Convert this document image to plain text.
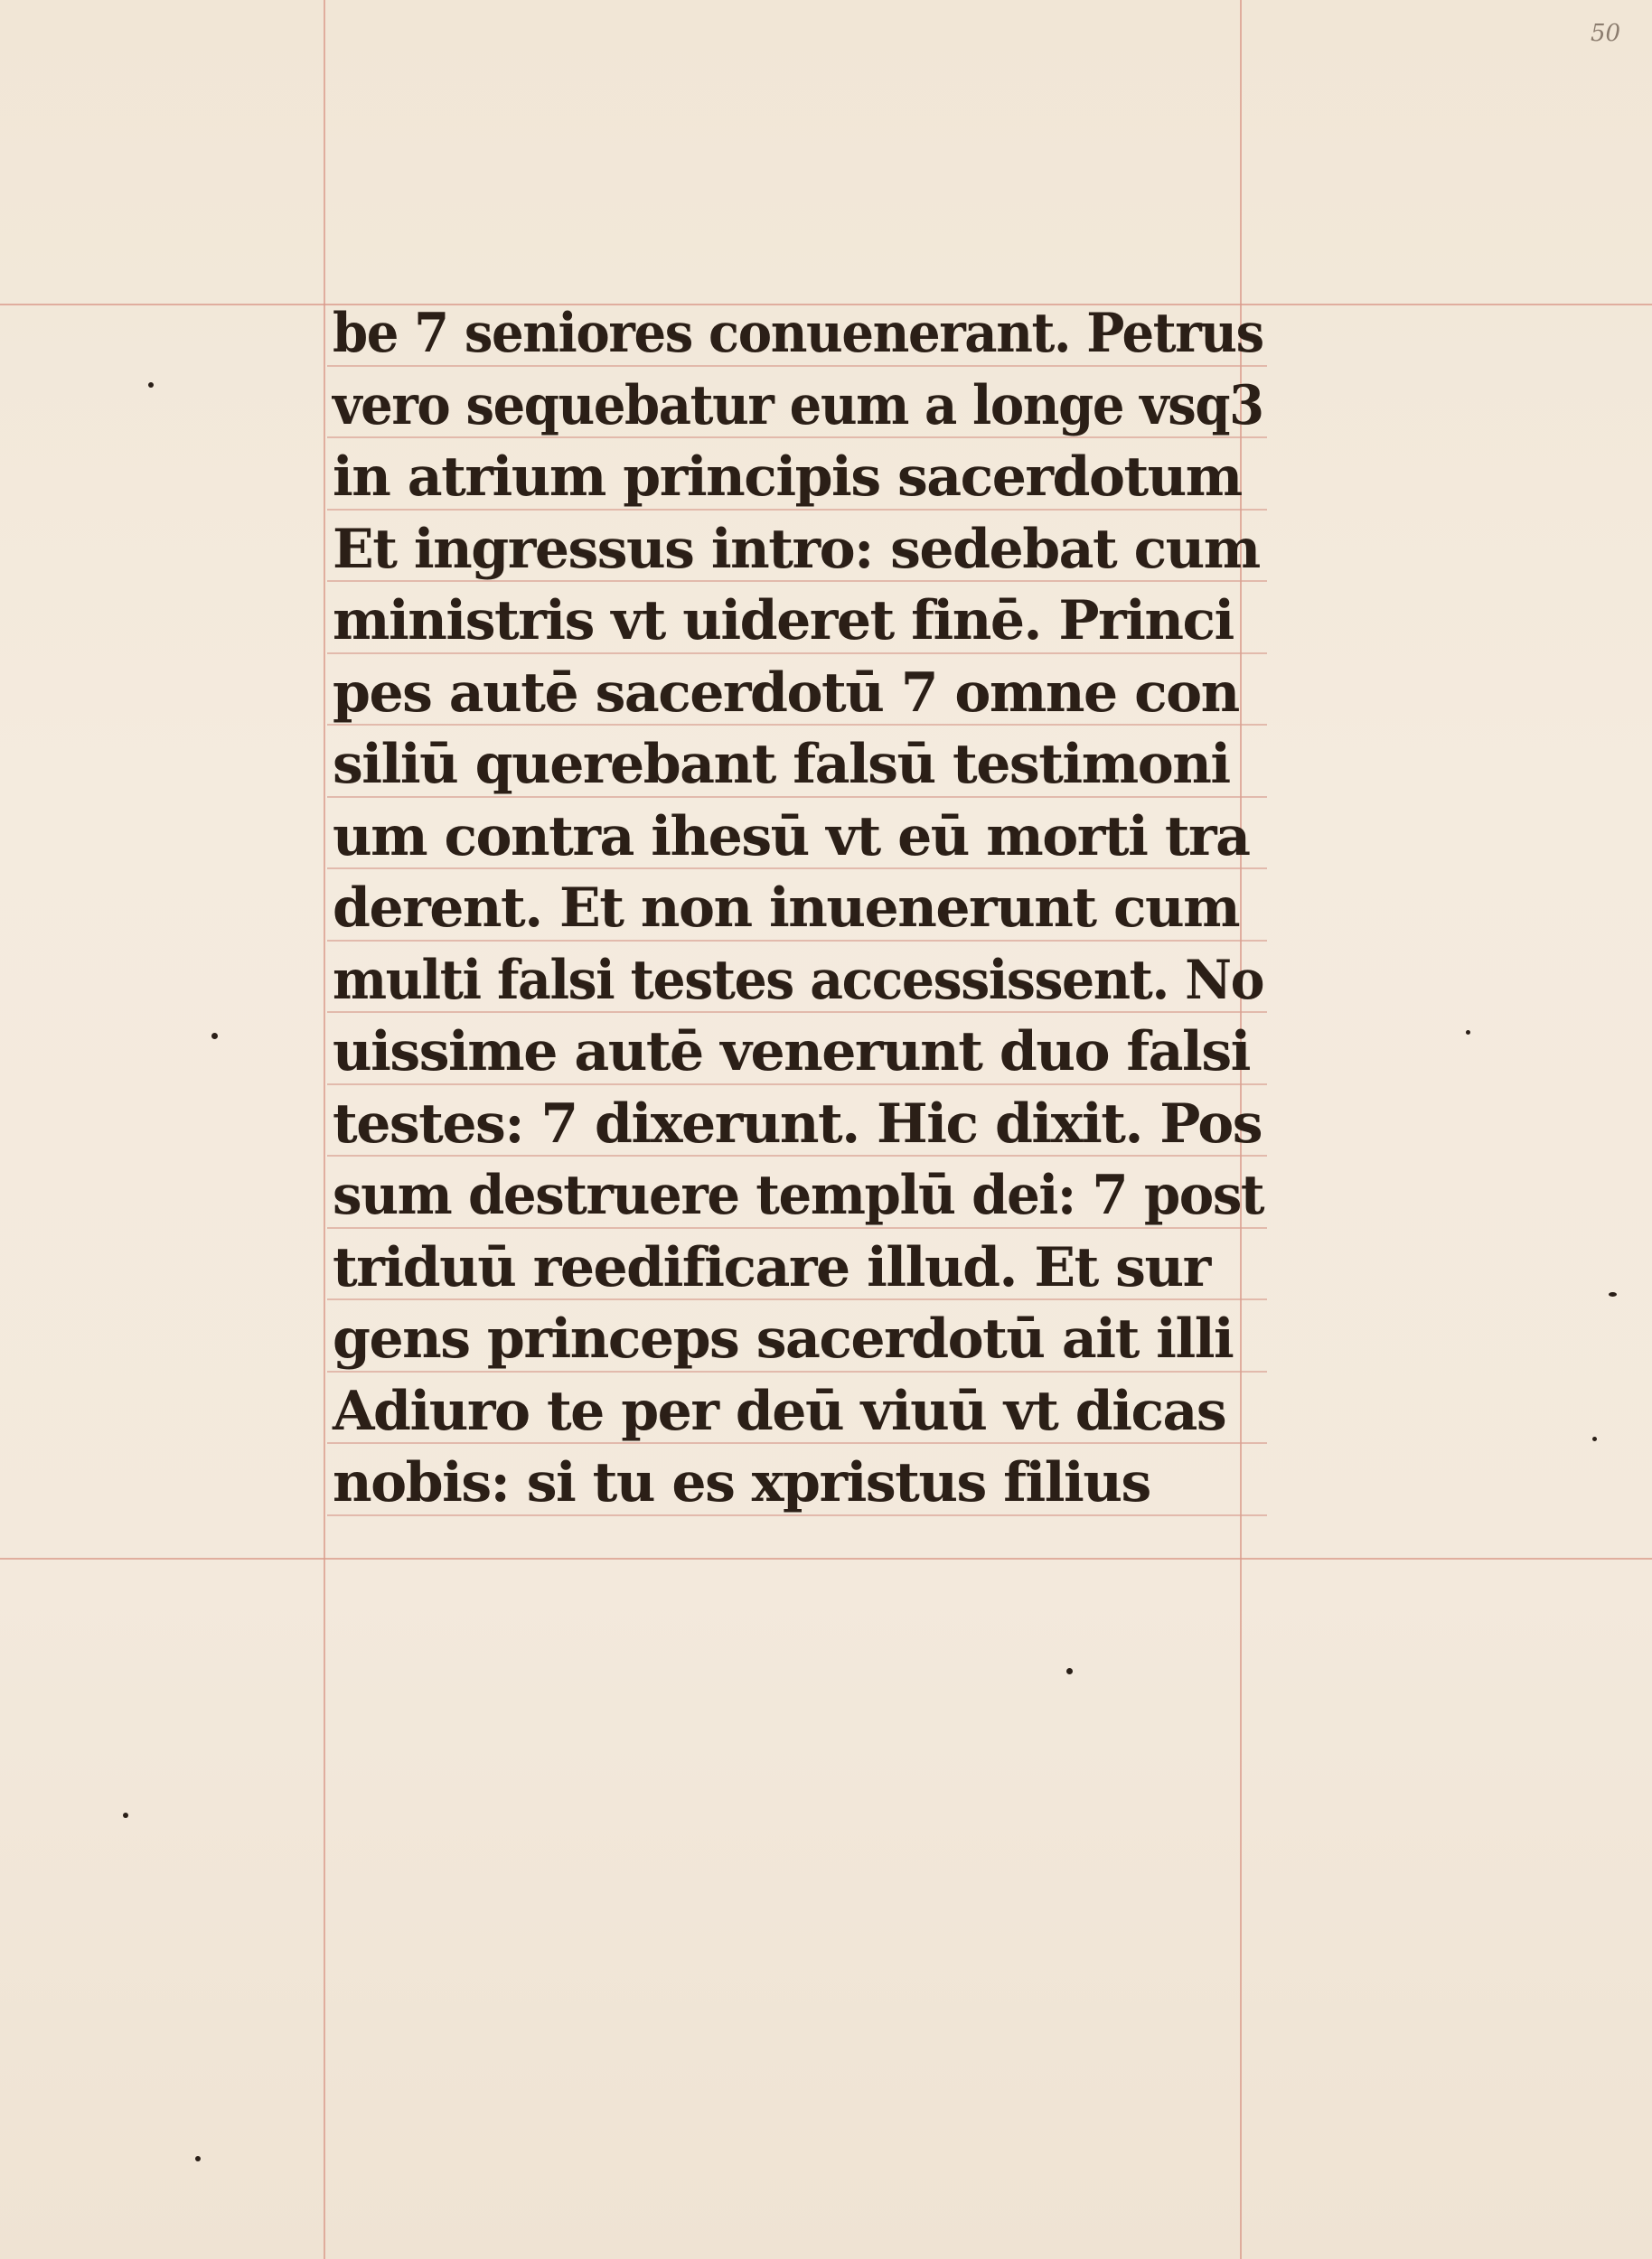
50

be 7 seniores conuenerant. Petrus
vero sequebatur eum a longe vsq3
in atrium principis sacerdotum
Et ingressus intro: sedebat cum
ministris vt uideret finē. Princi
pes autē sacerdotū 7 omne con
siliū querebant falsū testimoni
um contra ihesū vt eū morti tra
derent. Et non inuenerunt cum
multi falsi testes accessissent. No
uissime autē venerunt duo falsi
testes: 7 dixerunt. Hic dixit. Pos
sum destruere templū dei: 7 post
triduū reedificare illud. Et sur
gens princeps sacerdotū ait illi
Adiuro te per deū viuū vt dicas
nobis: si tu es xpristus filius
